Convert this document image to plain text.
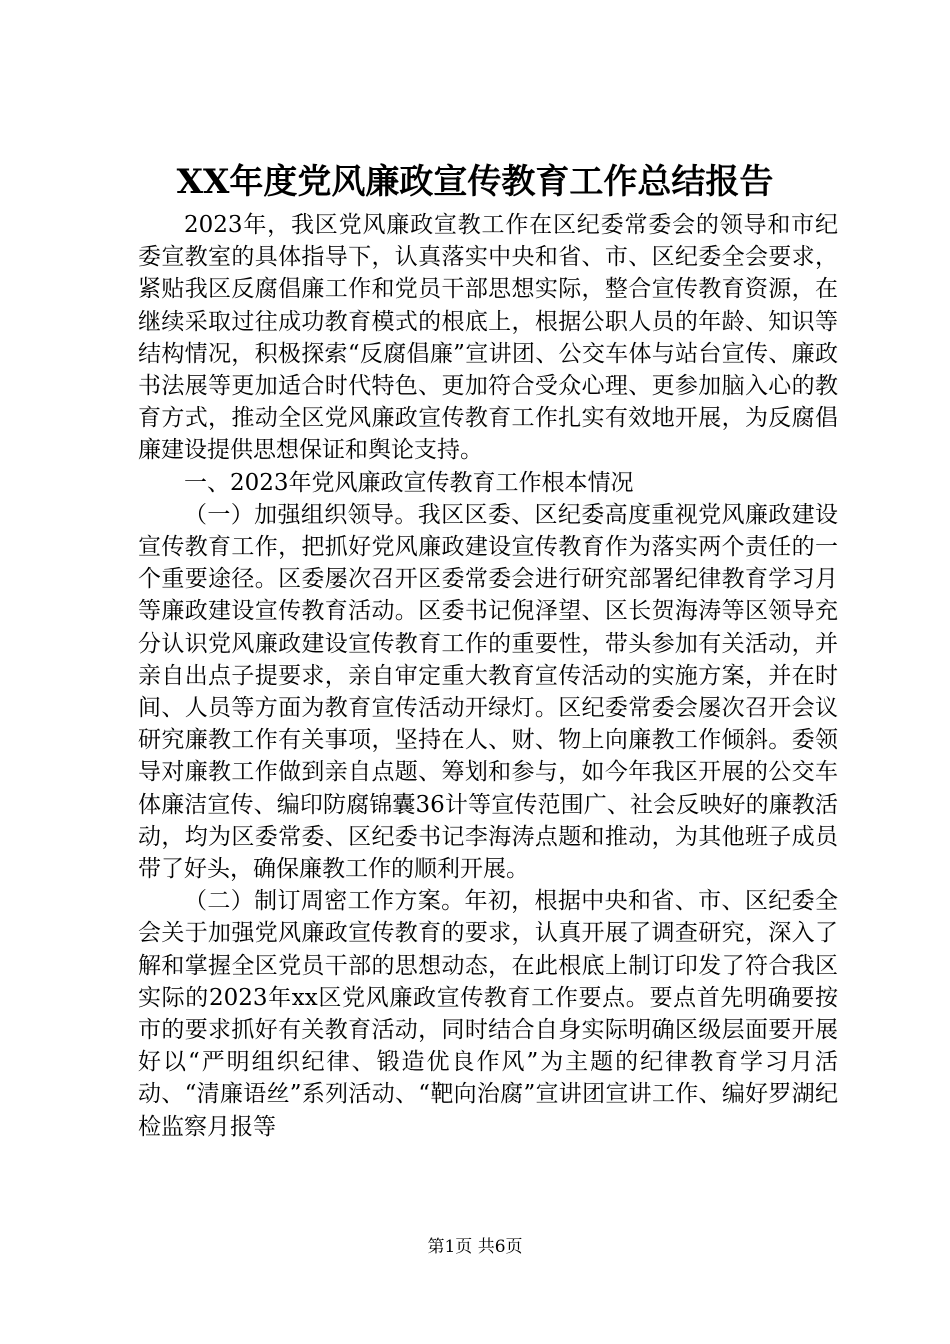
XX年度党风廉政宣传教育工作总结报告

2023年，我区党风廉政宣教工作在区纪委常委会的领导和市纪委宣教室的具体指导下，认真落实中央和省、市、区纪委全会要求，紧贴我区反腐倡廉工作和党员干部思想实际，整合宣传教育资源，在继续采取过往成功教育模式的根底上，根据公职人员的年龄、知识等结构情况，积极探索“反腐倡廉”宣讲团、公交车体与站台宣传、廉政书法展等更加适合时代特色、更加符合受众心理、更参加脑入心的教育方式，推动全区党风廉政宣传教育工作扎实有效地开展，为反腐倡廉建设提供思想保证和舆论支持。

一、2023年党风廉政宣传教育工作根本情况

（一）加强组织领导。我区区委、区纪委高度重视党风廉政建设宣传教育工作，把抓好党风廉政建设宣传教育作为落实两个责任的一个重要途径。区委屡次召开区委常委会进行研究部署纪律教育学习月等廉政建设宣传教育活动。区委书记倪泽望、区长贺海涛等区领导充分认识党风廉政建设宣传教育工作的重要性，带头参加有关活动，并亲自出点子提要求，亲自审定重大教育宣传活动的实施方案，并在时间、人员等方面为教育宣传活动开绿灯。区纪委常委会屡次召开会议研究廉教工作有关事项，坚持在人、财、物上向廉教工作倾斜。委领导对廉教工作做到亲自点题、筹划和参与，如今年我区开展的公交车体廉洁宣传、编印防腐锦囊36计等宣传范围广、社会反映好的廉教活动，均为区委常委、区纪委书记李海涛点题和推动，为其他班子成员带了好头，确保廉教工作的顺利开展。

（二）制订周密工作方案。年初，根据中央和省、市、区纪委全会关于加强党风廉政宣传教育的要求，认真开展了调查研究，深入了解和掌握全区党员干部的思想动态，在此根底上制订印发了符合我区实际的2023年xx区党风廉政宣传教育工作要点。要点首先明确要按市的要求抓好有关教育活动，同时结合自身实际明确区级层面要开展好以“严明组织纪律、锻造优良作风”为主题的纪律教育学习月活动、“清廉语丝”系列活动、“靶向治腐”宣讲团宣讲工作、编好罗湖纪检监察月报等

第1页 共6页
